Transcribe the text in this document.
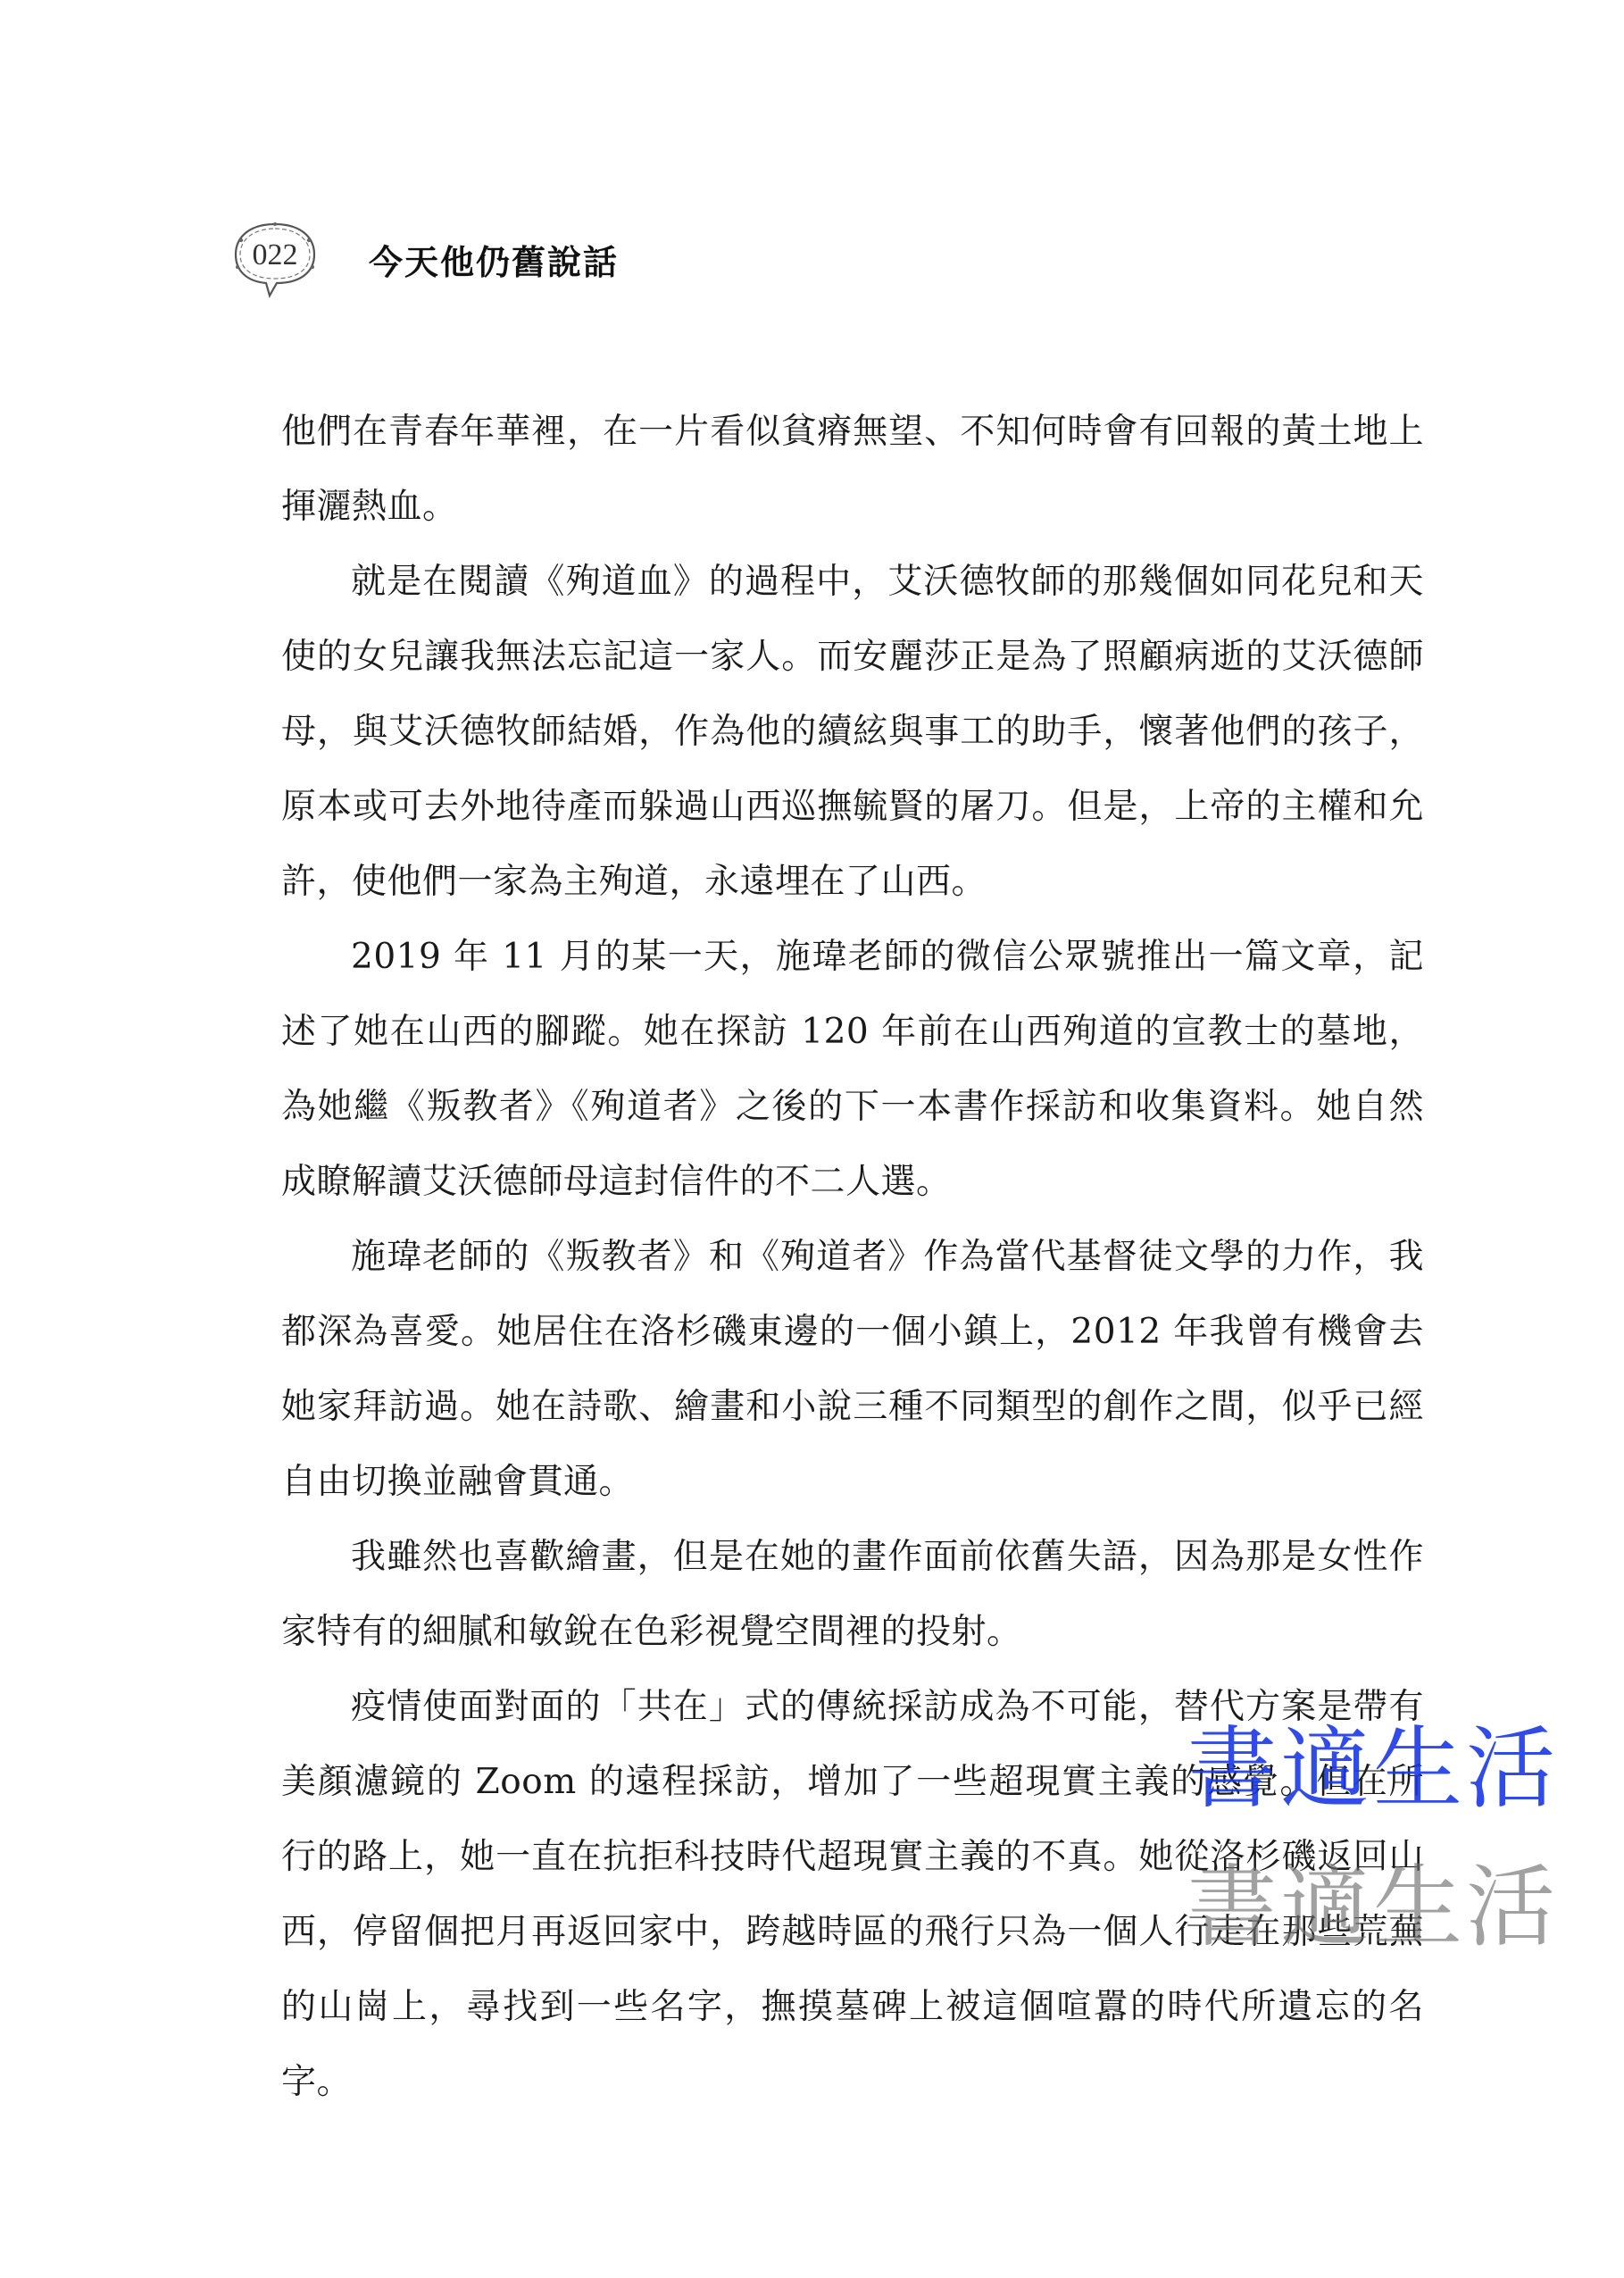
022	今天他仍舊說話

他們在青春年華裡，在一片看似貧瘠無望、不知何時會有回報的黃土地上揮灑熱血。

就是在閱讀《殉道血》的過程中，艾沃德牧師的那幾個如同花兒和天使的女兒讓我無法忘記這一家人。而安麗莎正是為了照顧病逝的艾沃德師母，與艾沃德牧師結婚，作為他的續絃與事工的助手，懷著他們的孩子，原本或可去外地待產而躲過山西巡撫毓賢的屠刀。但是，上帝的主權和允許，使他們一家為主殉道，永遠埋在了山西。

2019 年 11 月的某一天，施瑋老師的微信公眾號推出一篇文章，記述了她在山西的腳蹤。她在探訪 120 年前在山西殉道的宣教士的墓地，為她繼《叛教者》《殉道者》之後的下一本書作採訪和收集資料。她自然成瞭解讀艾沃德師母這封信件的不二人選。

施瑋老師的《叛教者》和《殉道者》作為當代基督徒文學的力作，我都深為喜愛。她居住在洛杉磯東邊的一個小鎮上，2012 年我曾有機會去她家拜訪過。她在詩歌、繪畫和小說三種不同類型的創作之間，似乎已經自由切換並融會貫通。

我雖然也喜歡繪畫，但是在她的畫作面前依舊失語，因為那是女性作家特有的細膩和敏銳在色彩視覺空間裡的投射。

疫情使面對面的「共在」式的傳統採訪成為不可能，替代方案是帶有美顏濾鏡的 Zoom 的遠程採訪，增加了一些超現實主義的感覺。但在所行的路上，她一直在抗拒科技時代超現實主義的不真。她從洛杉磯返回山西，停留個把月再返回家中，跨越時區的飛行只為一個人行走在那些荒蕪的山崗上，尋找到一些名字，撫摸墓碑上被這個喧囂的時代所遺忘的名字。

書適生活
書適生活
